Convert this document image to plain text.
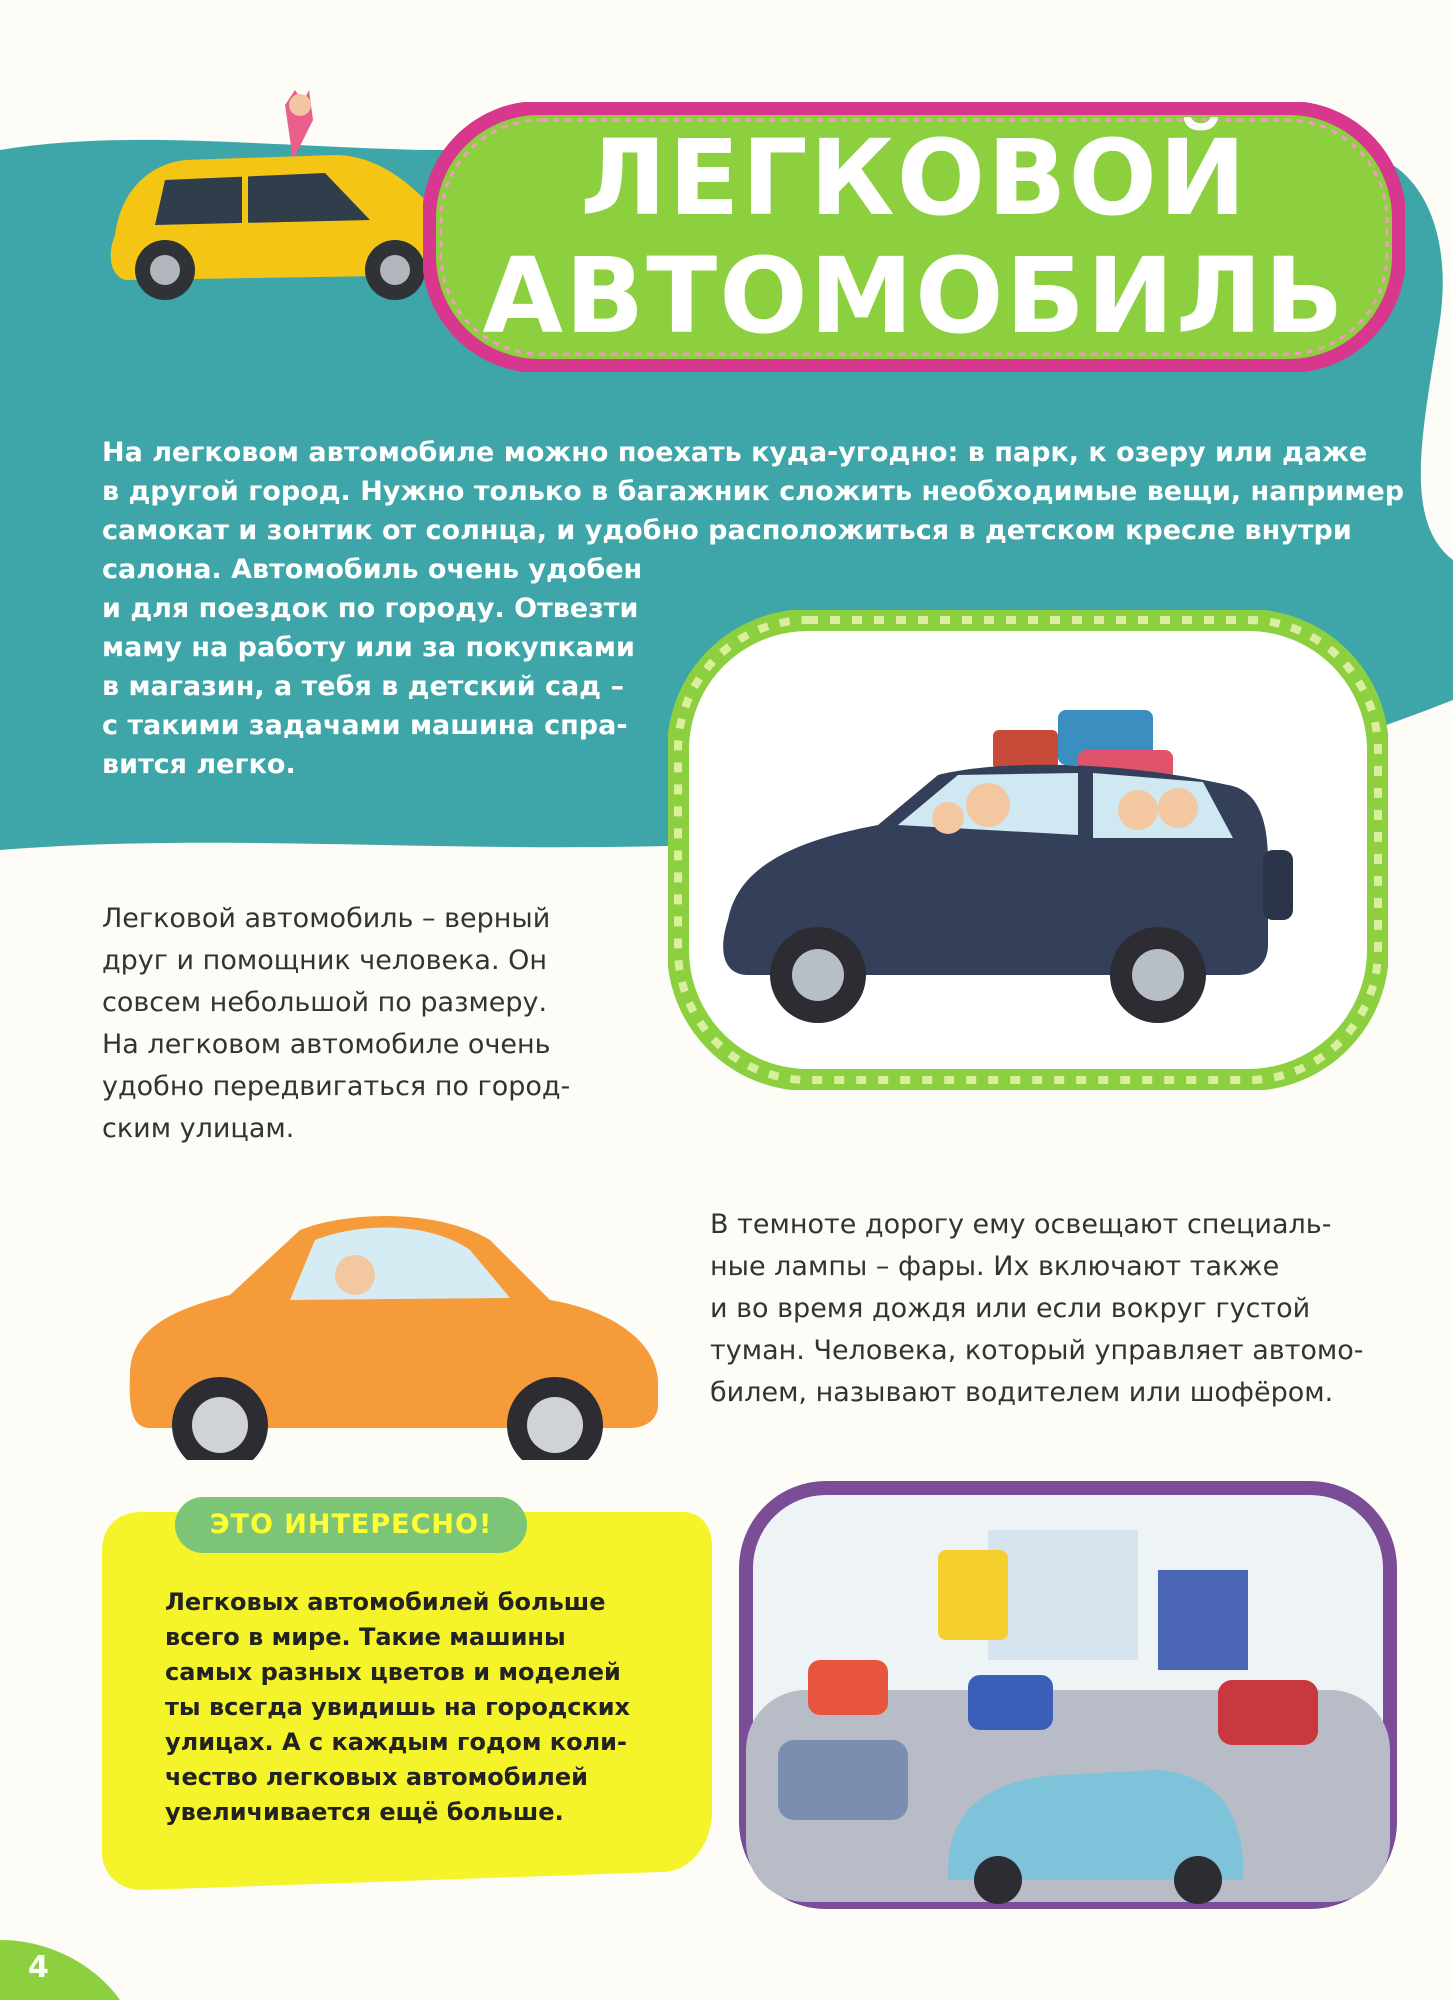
ЛЕГКОВОЙ
АВТОМОБИЛЬ
На легковом автомобиле можно поехать куда-угодно: в парк, к озеру или даже
в другой город. Нужно только в багажник сложить необходимые вещи, например
самокат и зонтик от солнца, и удобно расположиться в детском кресле внутри
салона. Автомобиль очень удобен
и для поездок по городу. Отвезти
маму на работу или за покупками
в магазин, а тебя в детский сад –
с такими задачами машина спра-
вится легко.
Легковой автомобиль – верный
друг и помощник человека. Он
совсем небольшой по размеру.
На легковом автомобиле очень
удобно передвигаться по город-
ским улицам.
В темноте дорогу ему освещают специаль-
ные лампы – фары. Их включают также
и во время дождя или если вокруг густой
туман. Человека, который управляет автомо-
билем, называют водителем или шофёром.
ЭТО ИНТЕРЕСНО!
Легковых автомобилей больше
всего в мире. Такие машины
самых разных цветов и моделей
ты всегда увидишь на городских
улицах. А с каждым годом коли-
чество легковых автомобилей
увеличивается ещё больше.
4
